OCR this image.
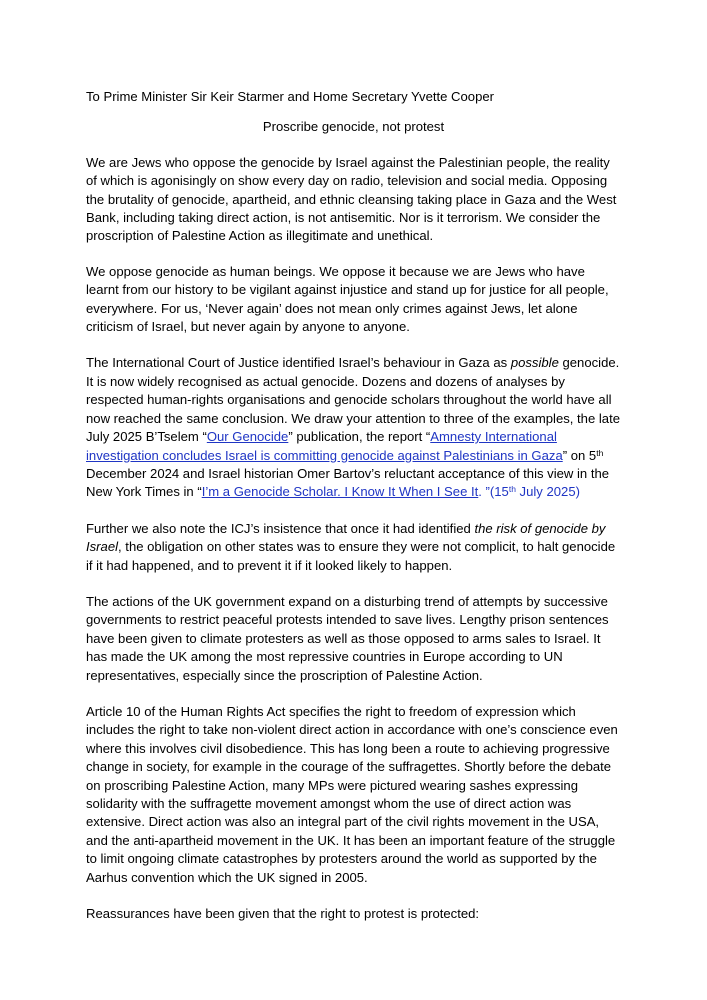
To Prime Minister Sir Keir Starmer and Home Secretary Yvette Cooper

Proscribe genocide, not protest

We are Jews who oppose the genocide by Israel against the Palestinian people, the reality of which is agonisingly on show every day on radio, television and social media. Opposing the brutality of genocide, apartheid, and ethnic cleansing taking place in Gaza and the West Bank, including taking direct action, is not antisemitic. Nor is it terrorism. We consider the proscription of Palestine Action as illegitimate and unethical.

We oppose genocide as human beings. We oppose it because we are Jews who have learnt from our history to be vigilant against injustice and stand up for justice for all people, everywhere. For us, ‘Never again’ does not mean only crimes against Jews, let alone criticism of Israel, but never again by anyone to anyone.

The International Court of Justice identified Israel’s behaviour in Gaza as possible genocide. It is now widely recognised as actual genocide. Dozens and dozens of analyses by respected human-rights organisations and genocide scholars throughout the world have all now reached the same conclusion. We draw your attention to three of the examples, the late July 2025 B’Tselem “Our Genocide” publication, the report “Amnesty International investigation concludes Israel is committing genocide against Palestinians in Gaza” on 5th December 2024 and Israel historian Omer Bartov’s reluctant acceptance of this view in the New York Times in “I’m a Genocide Scholar. I Know It When I See It. ”(15th July 2025)

Further we also note the ICJ’s insistence that once it had identified the risk of genocide by Israel, the obligation on other states was to ensure they were not complicit, to halt genocide if it had happened, and to prevent it if it looked likely to happen.

The actions of the UK government expand on a disturbing trend of attempts by successive governments to restrict peaceful protests intended to save lives. Lengthy prison sentences have been given to climate protesters as well as those opposed to arms sales to Israel. It has made the UK among the most repressive countries in Europe according to UN representatives, especially since the proscription of Palestine Action.

Article 10 of the Human Rights Act specifies the right to freedom of expression which includes the right to take non-violent direct action in accordance with one’s conscience even where this involves civil disobedience. This has long been a route to achieving progressive change in society, for example in the courage of the suffragettes. Shortly before the debate on proscribing Palestine Action, many MPs were pictured wearing sashes expressing solidarity with the suffragette movement amongst whom the use of direct action was extensive. Direct action was also an integral part of the civil rights movement in the USA, and the anti-apartheid movement in the UK. It has been an important feature of the struggle to limit ongoing climate catastrophes by protesters around the world as supported by the Aarhus convention which the UK signed in 2005.

Reassurances have been given that the right to protest is protected:
